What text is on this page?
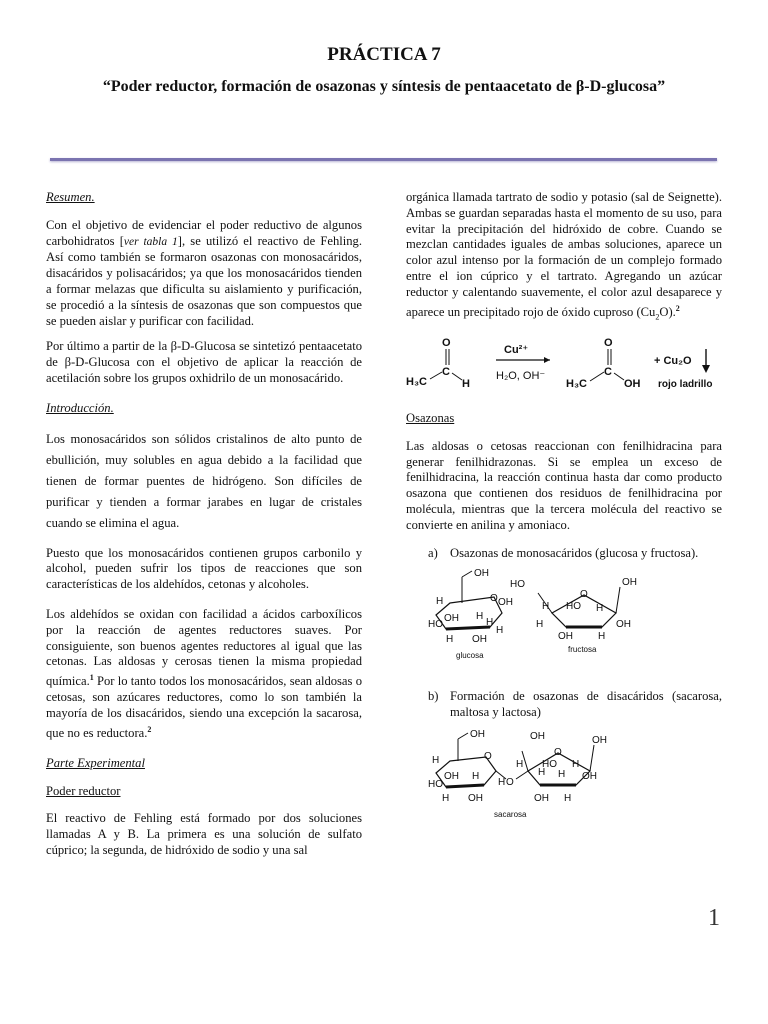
PRÁCTICA 7
“Poder reductor, formación de osazonas y síntesis de pentaacetato de β-D-glucosa”

Resumen.

Con el objetivo de evidenciar el poder reductivo de algunos carbohidratos [ver tabla 1], se utilizó el reactivo de Fehling. Así como también se formaron osazonas con monosacáridos, disacáridos y polisacáridos; ya que los monosacáridos tienden a formar melazas que dificulta su aislamiento y purificación, se procedió a la síntesis de osazonas que son compuestos que se pueden aislar y purificar con facilidad.

Por último a partir de la β-D-Glucosa se sintetizó pentaacetato de β-D-Glucosa con el objetivo de aplicar la reacción de acetilación sobre los grupos oxhidrilo de un monosacárido.

Introducción.

Los monosacáridos son sólidos cristalinos de alto punto de ebullición, muy solubles en agua debido a la facilidad que tienen de formar puentes de hidrógeno. Son difíciles de purificar y tienden a formar jarabes en lugar de cristales cuando se elimina el agua.

Puesto que los monosacáridos contienen grupos carbonilo y alcohol, pueden sufrir los tipos de reacciones que son características de los aldehídos, cetonas y alcoholes.

Los aldehídos se oxidan con facilidad a ácidos carboxílicos por la reacción de agentes reductores suaves. Por consiguiente, son buenos agentes reductores al igual que las cetonas. Las aldosas y cerosas tienen la misma propiedad química.$^1$ Por lo tanto todos los monosacáridos, sean aldosas o cetosas, son azúcares reductores, como lo son también la mayoría de los disacáridos, siendo una excepción la sacarosa, que no es reductora.$^2$

Parte Experimental

Poder reductor

El reactivo de Fehling está formado por dos soluciones llamadas A y B. La primera es una solución de sulfato cúprico; la segunda, de hidróxido de sodio y una sal

orgánica llamada tartrato de sodio y potasio (sal de Seignette). Ambas se guardan separadas hasta el momento de su uso, para evitar la precipitación del hidróxido de cobre. Cuando se mezclan cantidades iguales de ambas soluciones, aparece un color azul intenso por la formación de un complejo formado entre el ion cúprico y el tartrato. Agregando un azúcar reductor y calentando suavemente, el color azul desaparece y aparece un precipitado rojo de óxido cuproso $(Cu_2O).^2$

H₃C
C
O
H
Cu²⁺
H₂O, OH⁻
H₃C
C
O
OH
+ Cu₂O
rojo ladrillo

Osazonas

Las aldosas o cetosas reaccionan con fenilhidracina para generar fenilhidrazonas. Si se emplea un exceso de fenilhidracina, la reacción continua hasta dar como producto osazona que contienen dos residuos de fenilhidracina por molécula, mientras que la tercera molécula del reactivo se convierte en anilina y amoniaco.

a) Osazonas de monosacáridos (glucosa y fructosa).
OH
O OH
H
HO
OH H
H
H OH
H
glucosa
HO
O
OH
H HO H
H
OH	H
OH
fructosa
b) Formación de osazonas de disacáridos (sacarosa, maltosa y lactosa)
OH
O
H
OH H
HO
H OH
H O
OH
O
OH
H
H
HO
H
H
OH
OH H
sacarosa
1
